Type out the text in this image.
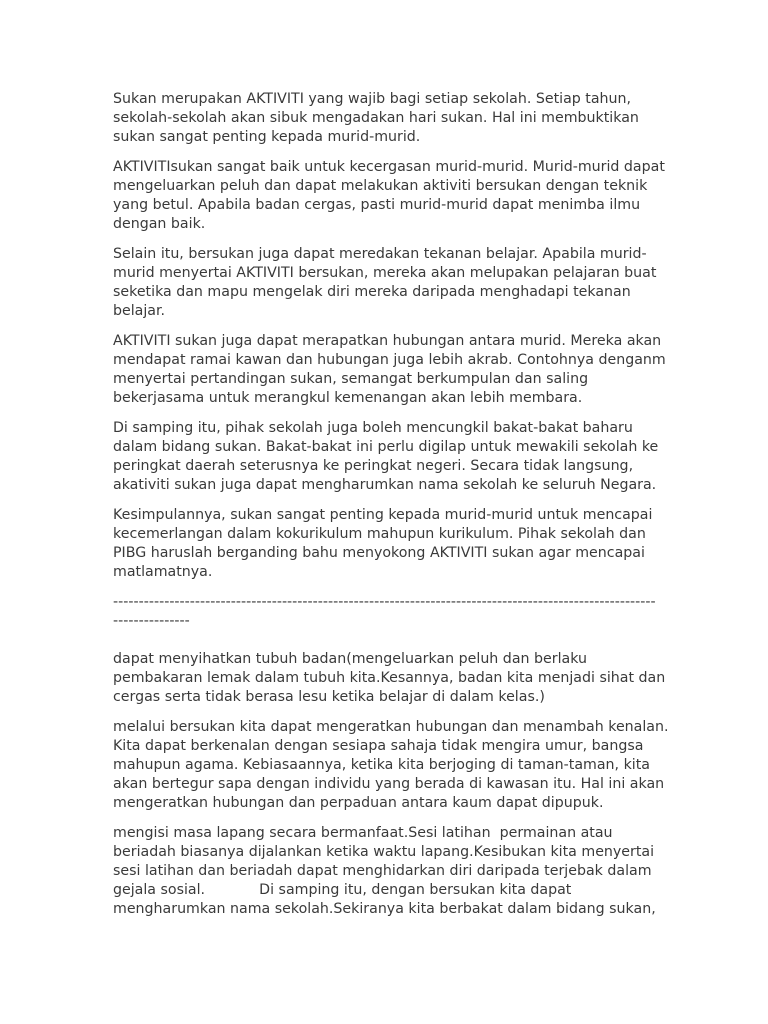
Sukan merupakan AKTIVITI yang wajib bagi setiap sekolah. Setiap tahun,
sekolah-sekolah akan sibuk mengadakan hari sukan. Hal ini membuktikan
sukan sangat penting kepada murid-murid.

AKTIVITIsukan sangat baik untuk kecergasan murid-murid. Murid-murid dapat
mengeluarkan peluh dan dapat melakukan aktiviti bersukan dengan teknik
yang betul. Apabila badan cergas, pasti murid-murid dapat menimba ilmu
dengan baik.

Selain itu, bersukan juga dapat meredakan tekanan belajar. Apabila murid-
murid menyertai AKTIVITI bersukan, mereka akan melupakan pelajaran buat
seketika dan mapu mengelak diri mereka daripada menghadapi tekanan
belajar.

AKTIVITI sukan juga dapat merapatkan hubungan antara murid. Mereka akan
mendapat ramai kawan dan hubungan juga lebih akrab. Contohnya denganm
menyertai pertandingan sukan, semangat berkumpulan dan saling
bekerjasama untuk merangkul kemenangan akan lebih membara.

Di samping itu, pihak sekolah juga boleh mencungkil bakat-bakat baharu
dalam bidang sukan. Bakat-bakat ini perlu digilap untuk mewakili sekolah ke
peringkat daerah seterusnya ke peringkat negeri. Secara tidak langsung,
akativiti sukan juga dapat mengharumkan nama sekolah ke seluruh Negara.

Kesimpulannya, sukan sangat penting kepada murid-murid untuk mencapai
kecemerlangan dalam kokurikulum mahupun kurikulum. Pihak sekolah dan
PIBG haruslah berganding bahu menyokong AKTIVITI sukan agar mencapai
matlamatnya.

----------------------------------------------------------------------------------------------------------
---------------

dapat menyihatkan tubuh badan(mengeluarkan peluh dan berlaku
pembakaran lemak dalam tubuh kita.Kesannya, badan kita menjadi sihat dan
cergas serta tidak berasa lesu ketika belajar di dalam kelas.)

melalui bersukan kita dapat mengeratkan hubungan dan menambah kenalan.
Kita dapat berkenalan dengan sesiapa sahaja tidak mengira umur, bangsa
mahupun agama. Kebiasaannya, ketika kita berjoging di taman-taman, kita
akan bertegur sapa dengan individu yang berada di kawasan itu. Hal ini akan
mengeratkan hubungan dan perpaduan antara kaum dapat dipupuk.

mengisi masa lapang secara bermanfaat.Sesi latihan  permainan atau
beriadah biasanya dijalankan ketika waktu lapang.Kesibukan kita menyertai
sesi latihan dan beriadah dapat menghidarkan diri daripada terjebak dalam
gejala sosial.            Di samping itu, dengan bersukan kita dapat
mengharumkan nama sekolah.Sekiranya kita berbakat dalam bidang sukan,
